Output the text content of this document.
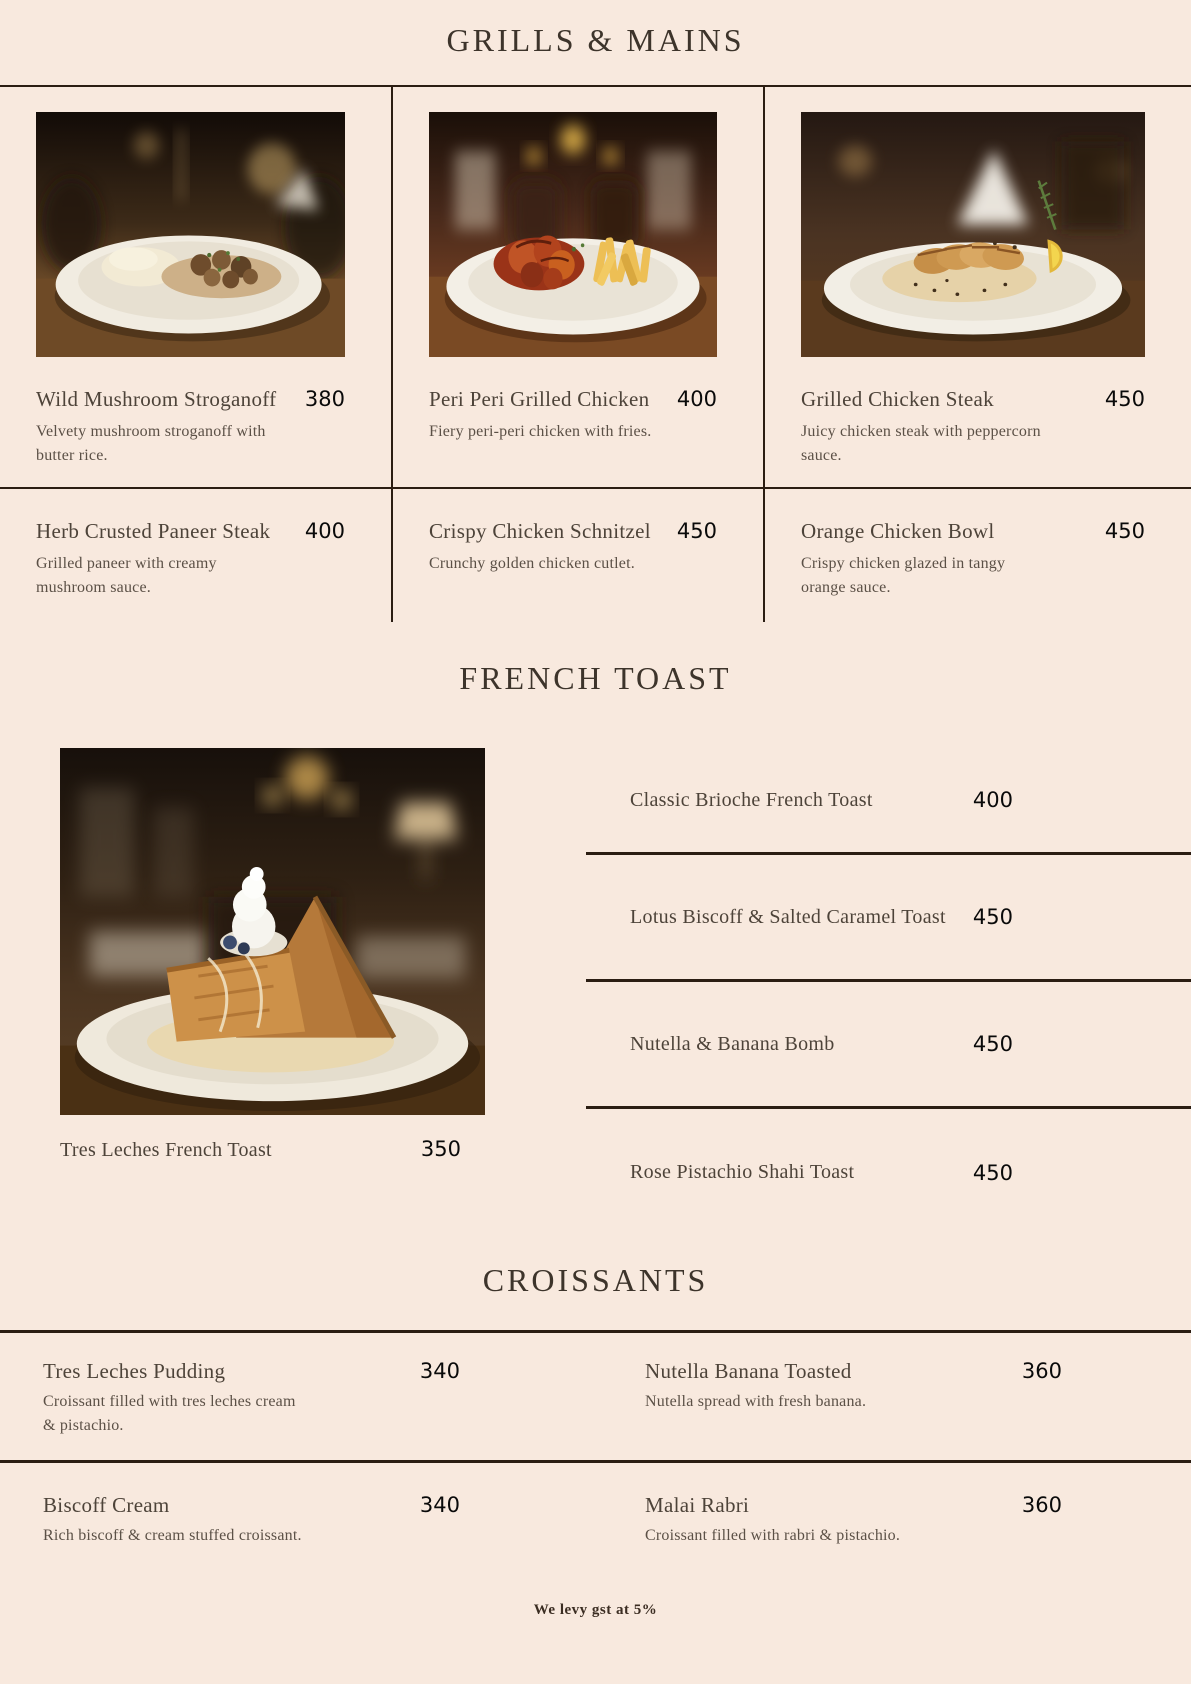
GRILLS & MAINS
Wild Mushroom Stroganoff 380

Velvety mushroom stroganoff with butter rice.

Peri Peri Grilled Chicken 400

Fiery peri-peri chicken with fries.

Grilled Chicken Steak	450

Juicy chicken steak with peppercorn sauce.

Herb Crusted Paneer Steak 400

Grilled paneer with creamy mushroom sauce.

Crispy Chicken Schnitzel 450

Crunchy golden chicken cutlet.

Orange Chicken Bowl	450

Crispy chicken glazed in tangy orange sauce.

FRENCH TOAST
Tres Leches French Toast	350
Classic Brioche French Toast	400
Lotus Biscoff & Salted Caramel Toast 450
Nutella & Banana Bomb	450
Rose Pistachio Shahi Toast	450
CROISSANTS
Tres Leches Pudding	340

Croissant filled with tres leches cream & pistachio.

Nutella Banana Toasted	360

Nutella spread with fresh banana.

Biscoff Cream	340

Rich biscoff & cream stuffed croissant.

Malai Rabri	360

Croissant filled with rabri & pistachio.

We levy gst at 5%
